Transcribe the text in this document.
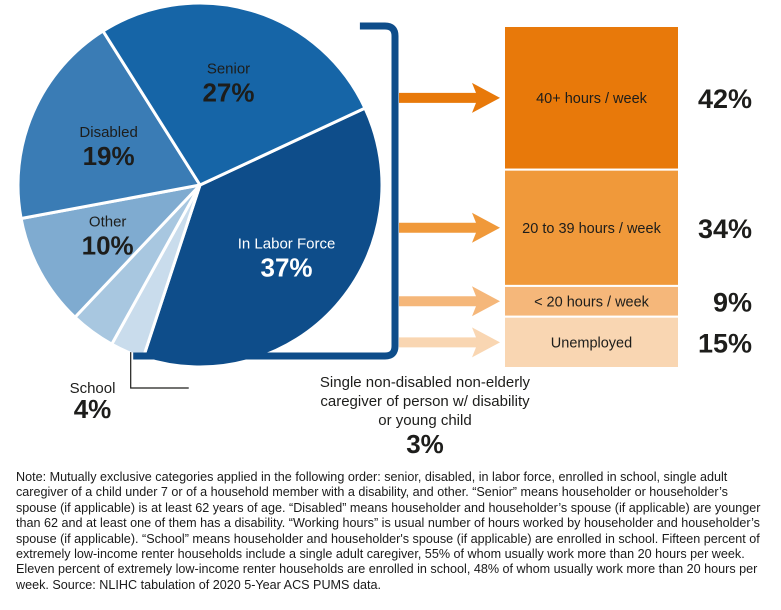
40+ hours / week 42%
20 to 39 hours / week 34%
< 20 hours / week 9%
Unemployed 15%
In Labor Force
37%
Senior
27%
Disabled
19%
Other
10%
School
4%
Single non-disabled non-elderly
caregiver of person w/ disability
or young child
3%
Note: Mutually exclusive categories applied in the following order: senior, disabled, in labor force, enrolled in school, single adult caregiver of a child under 7 or of a household member with a disability, and other. “Senior” means householder or householder’s spouse (if applicable) is at least 62 years of age. “Disabled” means householder and householder’s spouse (if applicable) are younger than 62 and at least one of them has a disability. “Working hours” is usual number of hours worked by householder and householder’s spouse (if applicable). “School” means householder and householder's spouse (if applicable) are enrolled in school. Fifteen percent of extremely low-income renter households include a single adult caregiver, 55% of whom usually work more than 20 hours per week. Eleven percent of extremely low-income renter households are enrolled in school, 48% of whom usually work more than 20 hours per week. Source: NLIHC tabulation of 2020 5-Year ACS PUMS data.
